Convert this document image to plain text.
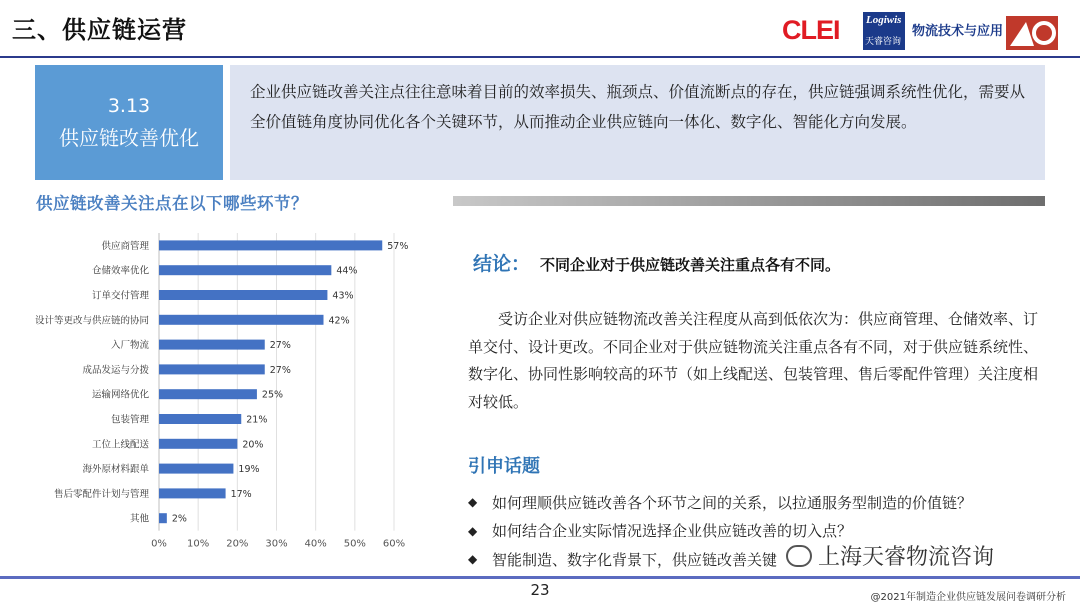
三、供应链运营	CLEI Logiwis
天睿咨询
物流技术与应用
3.13
供应链改善优化

企业供应链改善关注点往往意味着目前的效率损失、瓶颈点、价值流断点的存在，供应链强调系统性优化，需要从全价值链角度协同优化各个关键环节，从而推动企业供应链向一体化、数字化、智能化方向发展。

供应链改善关注点在以下哪些环节？
0% 10% 20% 30% 40% 50% 60%
供应商管理	57%
仓储效率优化	44%
订单交付管理	43%
设计等更改与供应链的协同	42%
入厂物流	27%
成品发运与分拨	27%
运输网络优化	25%
包装管理	21%
工位上线配送	20%
海外原材料跟单	19%
售后零配件计划与管理	17%
其他 2%
结论： 不同企业对于供应链改善关注重点各有不同。

受访企业对供应链物流改善关注程度从高到低依次为：供应商管理、仓储效率、订单交付、设计更改。不同企业对于供应链物流关注重点各有不同，对于供应链系统性、数字化、协同性影响较高的环节（如上线配送、包装管理、售后零配件管理）关注度相对较低。

引申话题
◆ 如何理顺供应链改善各个环节之间的关系，以拉通服务型制造的价值链？
◆ 如何结合企业实际情况选择企业供应链改善的切入点？
◆ 智能制造、数字化背景下，供应链改善关键 上海天睿物流咨询
23	@2021年制造企业供应链发展问卷调研分析
